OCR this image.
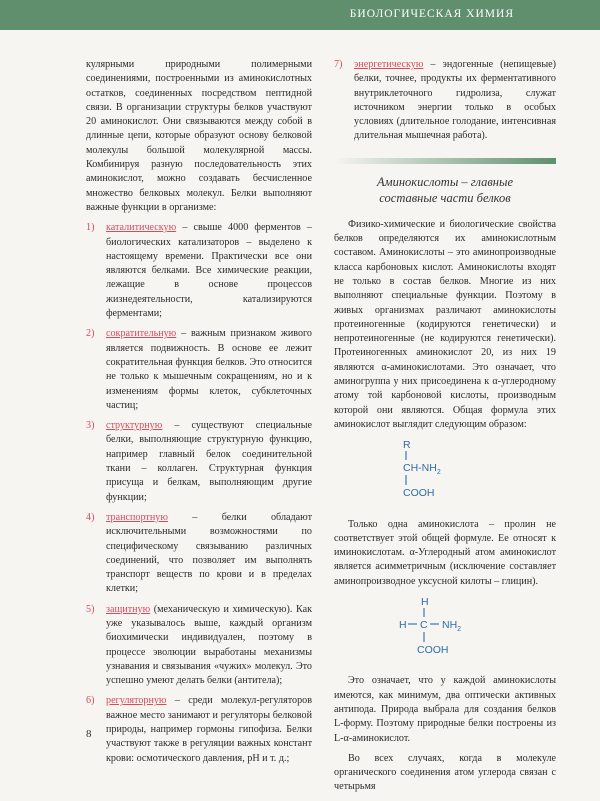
БИОЛОГИЧЕСКАЯ ХИМИЯ

кулярными природными полимерными соединениями, построенными из аминокислотных остатков, соединенных посредством пептидной связи. В организации структуры белков участвуют 20 аминокислот. Они связываются между собой в длинные цепи, которые образуют основу белковой молекулы большой молекулярной массы. Комбинируя разную последовательность этих аминокислот, можно создавать бесчисленное множество белковых молекул. Белки выполняют важные функции в организме:

1) каталитическую – свыше 4000 ферментов – биологических катализаторов – выделено к настоящему времени. Практически все они являются белками. Все химические реакции, лежащие в основе процессов жизнедеятельности, катализируются ферментами;
2) сократительную – важным признаком живого является подвижность. В основе ее лежит сократительная функция белков. Это относится не только к мышечным сокращениям, но и к изменениям формы клеток, субклеточных частиц;
3) структурную – существуют специальные белки, выполняющие структурную функцию, например главный белок соединительной ткани – коллаген. Структурная функция присуща и белкам, выполняющим другие функции;
4) транспортную – белки обладают исключительными возможностями по специфическому связыванию различных соединений, что позволяет им выполнять транспорт веществ по крови и в пределах клетки;
5) защитную (механическую и химическую). Как уже указывалось выше, каждый организм биохимически индивидуален, поэтому в процессе эволюции выработаны механизмы узнавания и связывания «чужих» молекул. Это успешно умеют делать белки (антитела);
6) регуляторную – среди молекул-регуляторов важное место занимают и регуляторы белковой природы, например гормоны гипофиза. Белки участвуют также в регуляции важных констант крови: осмотического давления, pH и т. д.;
7) энергетическую – эндогенные (непищевые) белки, точнее, продукты их ферментативного внутриклеточного гидролиза, служат источником энергии только в особых условиях (длительное голодание, интенсивная длительная мышечная работа).
Аминокислоты – главные
составные части белков

Физико-химические и биологические свойства белков определяются их аминокислотным составом. Аминокислоты – это аминопроизводные класса карбоновых кислот. Аминокислоты входят не только в состав белков. Многие из них выполняют специальные функции. Поэтому в живых организмах различают аминокислоты протеиногенные (кодируются генетически) и непротеиногенные (не кодируются генетически). Протеиногенных аминокислот 20, из них 19 являются α-аминокислотами. Это означает, что аминогруппа у них присоединена к α-углеродному атому той карбоновой кислоты, производным которой они являются. Общая формула этих аминокислот выглядит следующим образом:

R
$CH-NH_2$
COOH

Только одна аминокислота – пролин не соответствует этой общей формуле. Ее относят к иминокислотам. α-Углеродный атом аминокислот является асимметричным (исключение составляет аминопроизводное уксусной килоты – глицин).

H
H C $NH_2$
COOH

Это означает, что у каждой аминокислоты имеются, как минимум, два оптически активных антипода. Природа выбрала для создания белков L-форму. Поэтому природные белки построены из L-α-аминокислот.

Во всех случаях, когда в молекуле органического соединения атом углерода связан с четырьмя

8
